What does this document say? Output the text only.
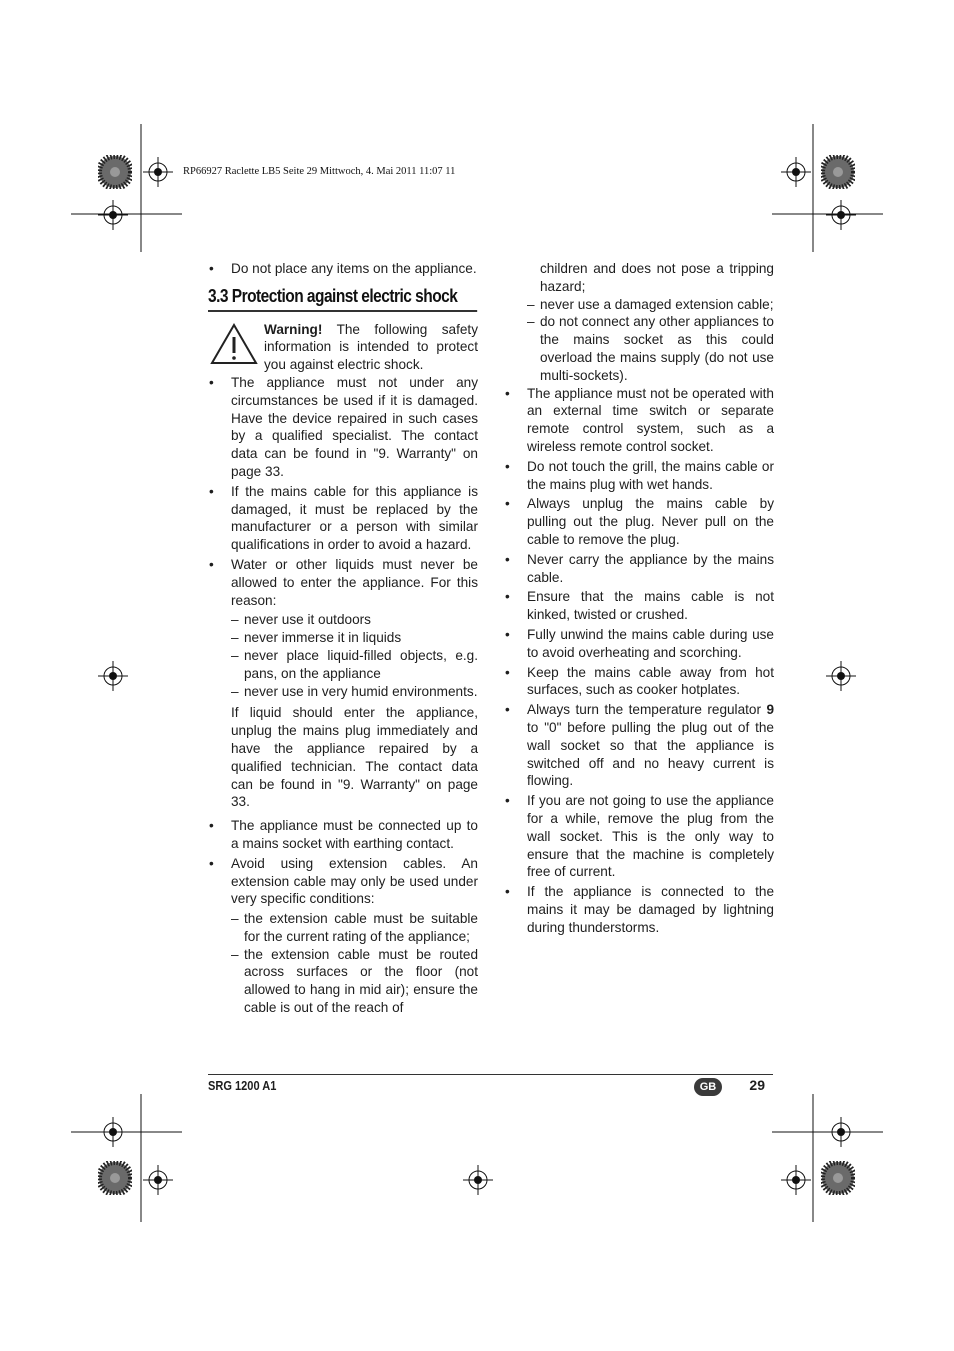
RP66927 Raclette LB5 Seite 29 Mittwoch, 4. Mai 2011 11:07 11
• Do not place any items on the appliance.
3.3 Protection against electric shock
Warning! The following safety information is intended to protect you against electric shock.
• The appliance must not under any circumstances be used if it is damaged. Have the device repaired in such cases by a qualified specialist. The contact data can be found in "9. Warranty" on page 33.
• If the mains cable for this appliance is damaged, it must be replaced by the manufacturer or a person with similar qualifications in order to avoid a hazard.
• Water or other liquids must never be allowed to enter the appliance. For this reason:
– never use it outdoors
– never immerse it in liquids
– never place liquid-filled objects, e.g. pans, on the appliance
– never use in very humid environments.
If liquid should enter the appliance, unplug the mains plug immediately and have the appliance repaired by a qualified technician. The contact data can be found in "9. Warranty" on page 33.
• The appliance must be connected up to a mains socket with earthing contact.
• Avoid using extension cables. An extension cable may only be used under very specific conditions:
– the extension cable must be suitable for the current rating of the appliance;
– the extension cable must be routed across surfaces or the floor (not allowed to hang in mid air); ensure the cable is out of the reach of
children and does not pose a tripping hazard;
– never use a damaged extension cable;
– do not connect any other appliances to the mains socket as this could overload the mains supply (do not use multi-sockets).
• The appliance must not be operated with an external time switch or separate remote control system, such as a wireless remote control socket.
• Do not touch the grill, the mains cable or the mains plug with wet hands.
• Always unplug the mains cable by pulling out the plug. Never pull on the cable to remove the plug.
• Never carry the appliance by the mains cable.
• Ensure that the mains cable is not kinked, twisted or crushed.
• Fully unwind the mains cable during use to avoid overheating and scorching.
• Keep the mains cable away from hot surfaces, such as cooker hotplates.
• Always turn the temperature regulator 9 to "0" before pulling the plug out of the wall socket so that the appliance is switched off and no heavy current is flowing.
• If you are not going to use the appliance for a while, remove the plug from the wall socket. This is the only way to ensure that the machine is completely free of current.
• If the appliance is connected to the mains it may be damaged by lightning during thunderstorms.
SRG 1200 A1	GB	29
